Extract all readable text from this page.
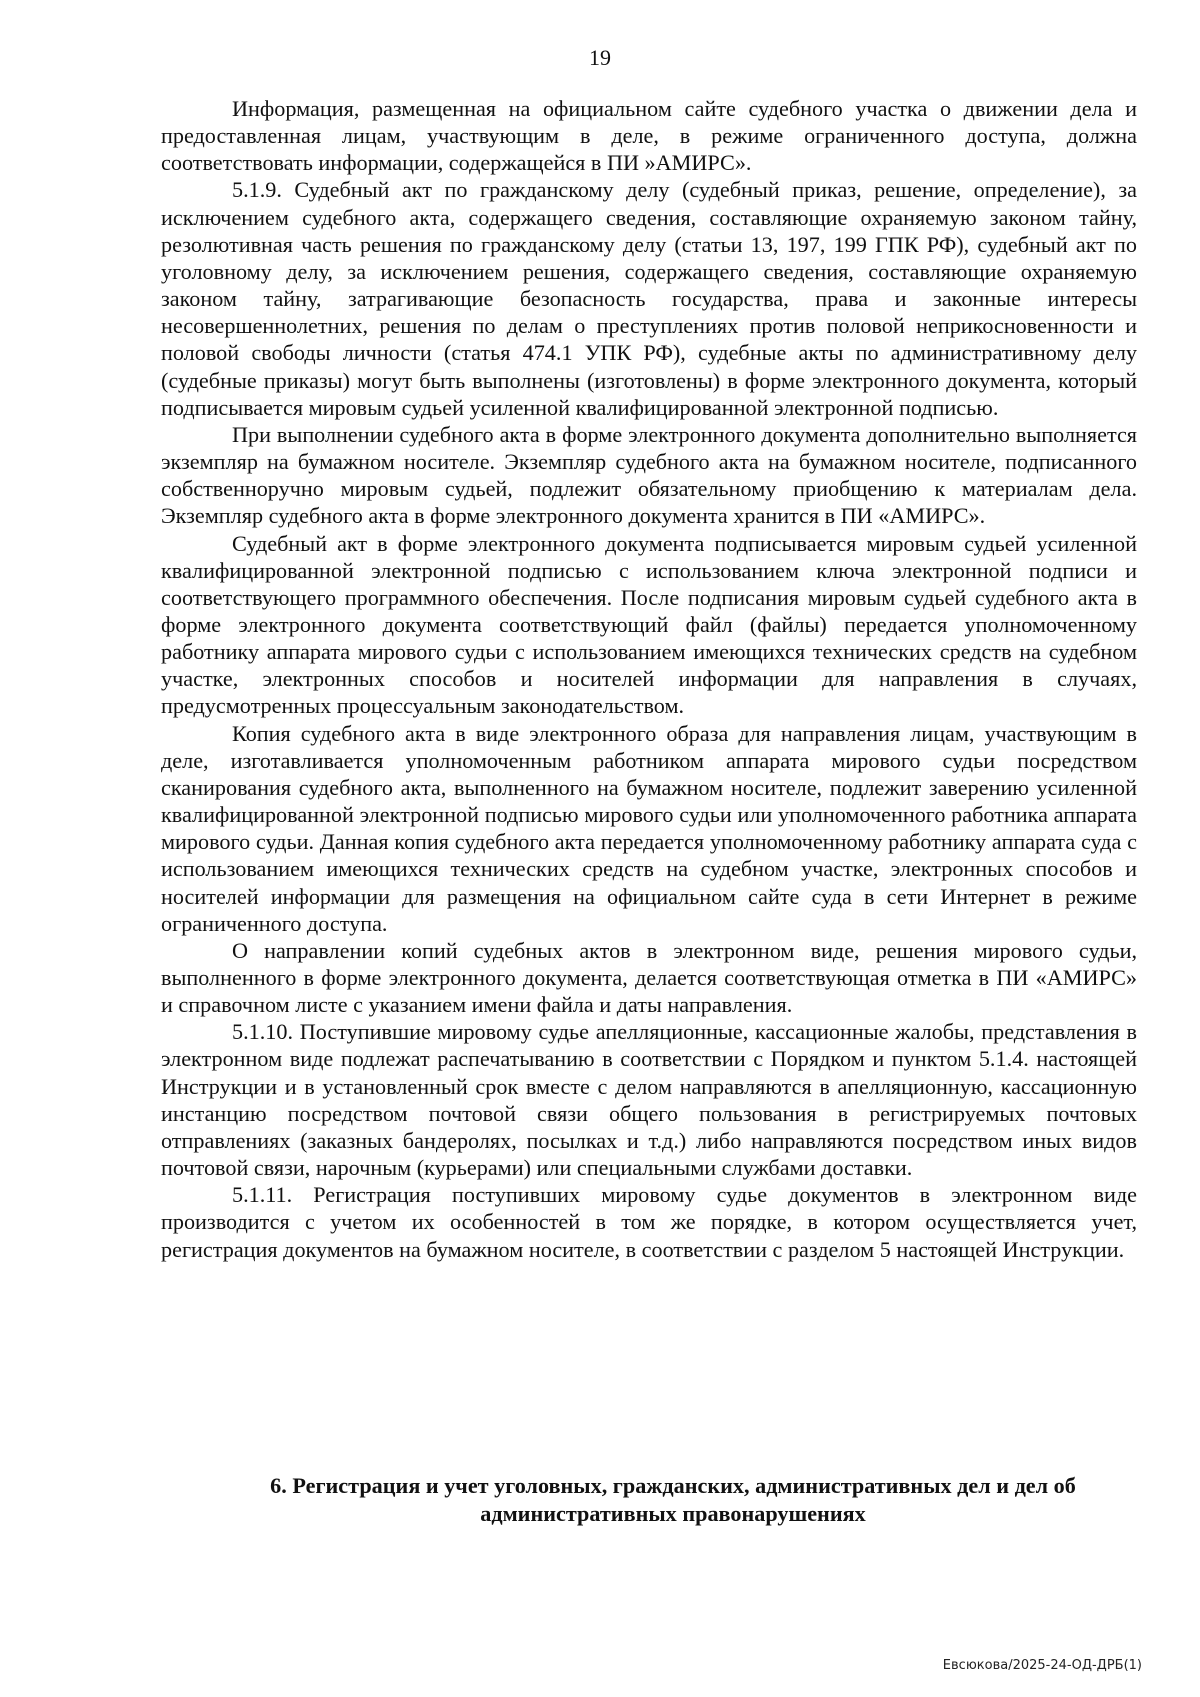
19

Информация, размещенная на официальном сайте судебного участка о движении дела и предоставленная лицам, участвующим в деле, в режиме ограниченного доступа, должна соответствовать информации, содержащейся в ПИ »АМИРС».

5.1.9. Судебный акт по гражданскому делу (судебный приказ, решение, определение), за исключением судебного акта, содержащего сведения, составляющие охраняемую законом тайну, резолютивная часть решения по гражданскому делу (статьи 13, 197, 199 ГПК РФ), судебный акт по уголовному делу, за исключением решения, содержащего сведения, составляющие охраняемую законом тайну, затрагивающие безопасность государства, права и законные интересы несовершеннолетних, решения по делам о преступлениях против половой неприкосновенности и половой свободы личности (статья 474.1 УПК РФ), судебные акты по административному делу (судебные приказы) могут быть выполнены (изготовлены) в форме электронного документа, который подписывается мировым судьей усиленной квалифицированной электронной подписью.

При выполнении судебного акта в форме электронного документа дополнительно выполняется экземпляр на бумажном носителе. Экземпляр судебного акта на бумажном носителе, подписанного собственноручно мировым судьей, подлежит обязательному приобщению к материалам дела. Экземпляр судебного акта в форме электронного документа хранится в ПИ «АМИРС».

Судебный акт в форме электронного документа подписывается мировым судьей усиленной квалифицированной электронной подписью с использованием ключа электронной подписи и соответствующего программного обеспечения. После подписания мировым судьей судебного акта в форме электронного документа соответствующий файл (файлы) передается уполномоченному работнику аппарата мирового судьи с использованием имеющихся технических средств на судебном участке, электронных способов и носителей информации для направления в случаях, предусмотренных процессуальным законодательством.

Копия судебного акта в виде электронного образа для направления лицам, участвующим в деле, изготавливается уполномоченным работником аппарата мирового судьи посредством сканирования судебного акта, выполненного на бумажном носителе, подлежит заверению усиленной квалифицированной электронной подписью мирового судьи или уполномоченного работника аппарата мирового судьи. Данная копия судебного акта передается уполномоченному работнику аппарата суда с использованием имеющихся технических средств на судебном участке, электронных способов и носителей информации для размещения на официальном сайте суда в сети Интернет в режиме ограниченного доступа.

О направлении копий судебных актов в электронном виде, решения мирового судьи, выполненного в форме электронного документа, делается соответствующая отметка в ПИ «АМИРС» и справочном листе с указанием имени файла и даты направления.

5.1.10. Поступившие мировому судье апелляционные, кассационные жалобы, представления в электронном виде подлежат распечатыванию в соответствии с Порядком и пунктом 5.1.4. настоящей Инструкции и в установленный срок вместе с делом направляются в апелляционную, кассационную инстанцию посредством почтовой связи общего пользования в регистрируемых почтовых отправлениях (заказных бандеролях, посылках и т.д.) либо направляются посредством иных видов почтовой связи, нарочным (курьерами) или специальными службами доставки.

5.1.11. Регистрация поступивших мировому судье документов в электронном виде производится с учетом их особенностей в том же порядке, в котором осуществляется учет, регистрация документов на бумажном носителе, в соответствии с разделом 5 настоящей Инструкции.

6. Регистрация и учет уголовных, гражданских, административных дел и дел об административных правонарушениях
Евсюкова/2025-24-ОД-ДРБ(1)
